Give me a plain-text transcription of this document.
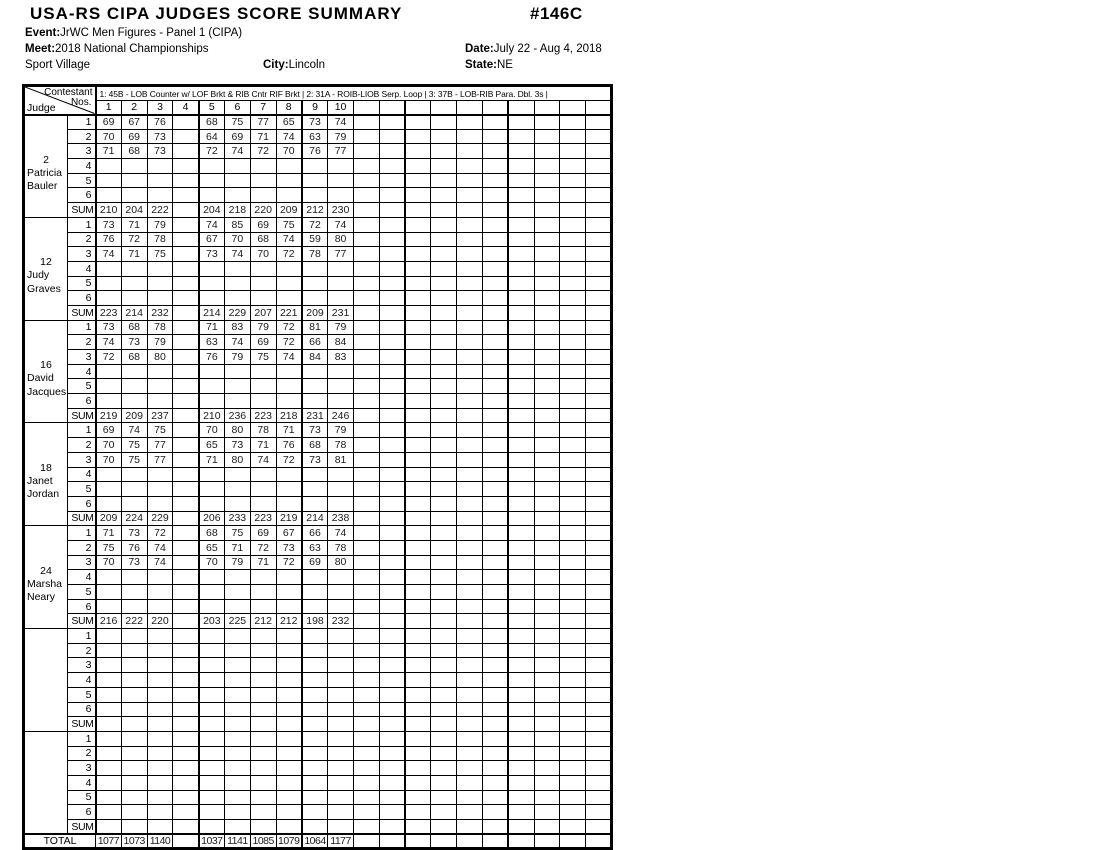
USA-RS CIPA JUDGES SCORE SUMMARY	#146C
Event:JrWC Men Figures - Panel 1 (CIPA)
Meet:2018 National Championships	Date:July 22 - Aug 4, 2018
Sport Village	City:Lincoln	State:NE
Contestant
Nos.
Judge		1: 45B - LOB Counter w/ LOF Brkt & RIB Cntr RIF Brkt | 2: 31A - ROIB-LIOB Serp. Loop | 3: 37B - LOB-RIB Para. Dbl. 3s |																			

		1	2	3	4	5	6	7	8	9	10										

2
Patricia
Bauler	1	69	67	76		68	75	77	65	73	74										
	2	70	69	73		64	69	71	74	63	79										
	3	71	68	73		72	74	72	70	76	77										
	4																				
	5																				
	6																				
	SUM	210	204	222		204	218	220	209	212	230										

12
Judy
Graves	1	73	71	79		74	85	69	75	72	74										
	2	76	72	78		67	70	68	74	59	80										
	3	74	71	75		73	74	70	72	78	77										
	4																				
	5																				
	6																				
	SUM	223	214	232		214	229	207	221	209	231										

16
David
Jacques	1	73	68	78		71	83	79	72	81	79										
	2	74	73	79		63	74	69	72	66	84										
	3	72	68	80		76	79	75	74	84	83										
	4																				
	5																				
	6																				
	SUM	219	209	237		210	236	223	218	231	246										

18
Janet
Jordan	1	69	74	75		70	80	78	71	73	79										
	2	70	75	77		65	73	71	76	68	78										
	3	70	75	77		71	80	74	72	73	81										
	4																				
	5																				
	6																				
	SUM	209	224	229		206	233	223	219	214	238										

24
Marsha
Neary	1	71	73	72		68	75	69	67	66	74										
	2	75	76	74		65	71	72	73	63	78										
	3	70	73	74		70	79	71	72	69	80										
	4																				
	5																				
	6																				
	SUM	216	222	220		203	225	212	212	198	232										

	1																				
	2																				
	3																				
	4																				
	5																				
	6																				
	SUM																				

	1																				
	2																				
	3																				
	4																				
	5																				
	6																				
	SUM																				
TOTAL		1077	1073	1140		1037	1141	1085	1079	1064	1177										
